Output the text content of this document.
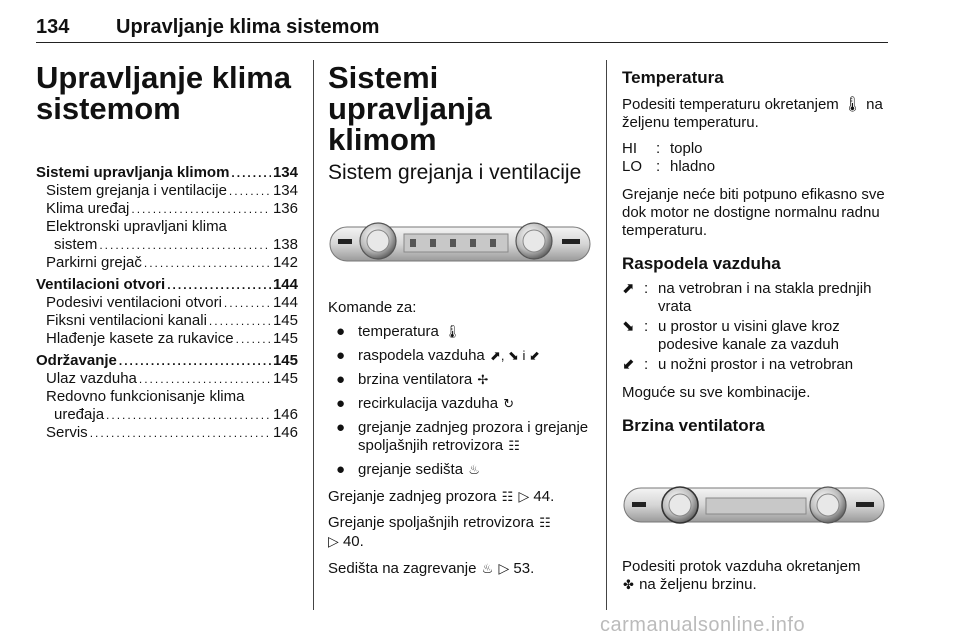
134 Upravljanje klima sistemom
Upravljanje klima
sistemom
Sistemi upravljanja klimom .....	134
Sistem grejanja i ventilacije .....	134
Klima uređaj .....	136
Elektronski upravljani klima
sistem .....	138
Parkirni grejač .....	142
Ventilacioni otvori .....	144
Podesivi ventilacioni otvori .....	144
Fiksni ventilacioni kanali .....	145
Hlađenje kasete za rukavice .....	145
Održavanje .....	145
Ulaz vazduha .....	145
Redovno funkcionisanje klima
uređaja .....	146
Servis .....	146
Sistemi upravljanja
klimom
Sistem grejanja i ventilacije

Komande za:

● temperatura 🌡
● raspodela vazduha ⬈, ⬊ i ⬋
● brzina ventilatora ✢
● recirkulacija vazduha ↻
● grejanje zadnjeg prozora i grejanje spoljašnjih retrovizora ☷
● grejanje sedišta ♨

Grejanje zadnjeg prozora ☷ ▷ 44.

Grejanje spoljašnjih retrovizora ☷
▷ 40.

Sedišta na zagrevanje ♨ ▷ 53.

Temperatura

Podesiti temperaturu okretanjem 🌡 na željenu temperaturu.

HI	: toplo
LO : hladno

Grejanje neće biti potpuno efikasno sve dok motor ne dostigne normalnu radnu temperaturu.

Raspodela vazduha
⬈ : na vetrobran i na stakla prednjih vrata
⬊ : u prostor u visini glave kroz podesive kanale za vazduh
⬋ : u nožni prostor i na vetrobran

Moguće su sve kombinacije.

Brzina ventilatora

Podesiti protok vazduha okretanjem
✤ na željenu brzinu.

carmanualsonline.info
